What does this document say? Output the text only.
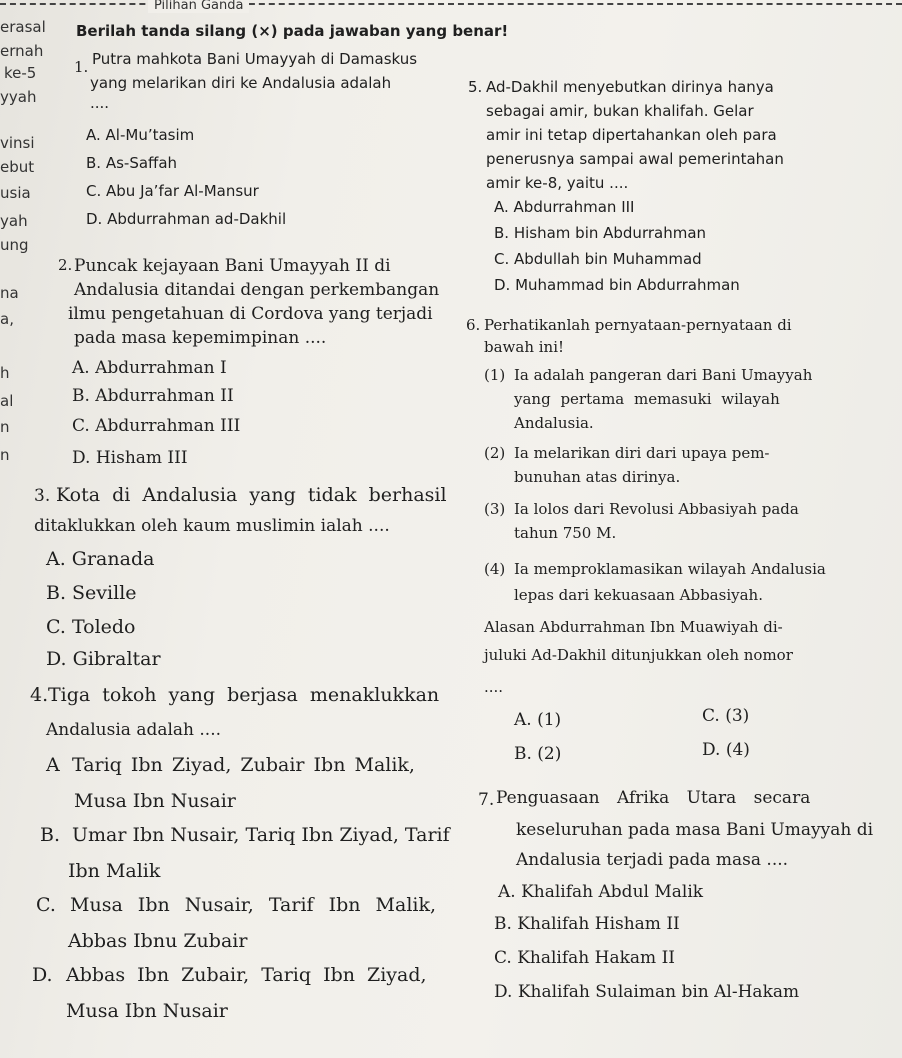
Pilihan Ganda
erasal
ernah
ke-5
yyah
vinsi
ebut
usia
yah
ung
na
a,
h
al
n
n
Berilah tanda silang (×) pada jawaban yang benar!
1. Putra mahkota Bani Umayyah di Damaskus
yang melarikan diri ke Andalusia adalah
....
A. Al-Mu’tasim
B. As-Saffah
C. Abu Ja’far Al-Mansur
D. Abdurrahman ad-Dakhil
2. Puncak kejayaan Bani Umayyah II di
Andalusia ditandai dengan perkembangan
ilmu pengetahuan di Cordova yang terjadi
pada masa kepemimpinan ....
A. Abdurrahman I
B. Abdurrahman II
C. Abdurrahman III
D. Hisham III
3. Kota di Andalusia yang tidak berhasil
ditaklukkan oleh kaum muslimin ialah ....
A. Granada
B. Seville
C. Toledo
D. Gibraltar
4. Tiga tokoh yang berjasa menaklukkan
Andalusia adalah ....
A Tariq Ibn Ziyad, Zubair Ibn Malik,
Musa Ibn Nusair
B. Umar Ibn Nusair, Tariq Ibn Ziyad, Tarif
Ibn Malik
C. Musa Ibn Nusair, Tarif Ibn Malik,
Abbas Ibnu Zubair
D. Abbas Ibn Zubair, Tariq Ibn Ziyad,
Musa Ibn Nusair
5. Ad-Dakhil menyebutkan dirinya hanya
sebagai amir, bukan khalifah. Gelar
amir ini tetap dipertahankan oleh para
penerusnya sampai awal pemerintahan
amir ke-8, yaitu ....
A. Abdurrahman III
B. Hisham bin Abdurrahman
C. Abdullah bin Muhammad
D. Muhammad bin Abdurrahman
6. Perhatikanlah pernyataan-pernyataan di
bawah ini!
(1) Ia adalah pangeran dari Bani Umayyah
yang pertama memasuki wilayah
Andalusia.
(2) Ia melarikan diri dari upaya pem-
bunuhan atas dirinya.
(3) Ia lolos dari Revolusi Abbasiyah pada
tahun 750 M.
(4) Ia memproklamasikan wilayah Andalusia
lepas dari kekuasaan Abbasiyah.
Alasan Abdurrahman Ibn Muawiyah di-
juluki Ad-Dakhil ditunjukkan oleh nomor
....
A. (1)
B. (2)
C. (3)
D. (4)
7. Penguasaan Afrika Utara secara
keseluruhan pada masa Bani Umayyah di
Andalusia terjadi pada masa ....
A. Khalifah Abdul Malik
B. Khalifah Hisham II
C. Khalifah Hakam II
D. Khalifah Sulaiman bin Al-Hakam
